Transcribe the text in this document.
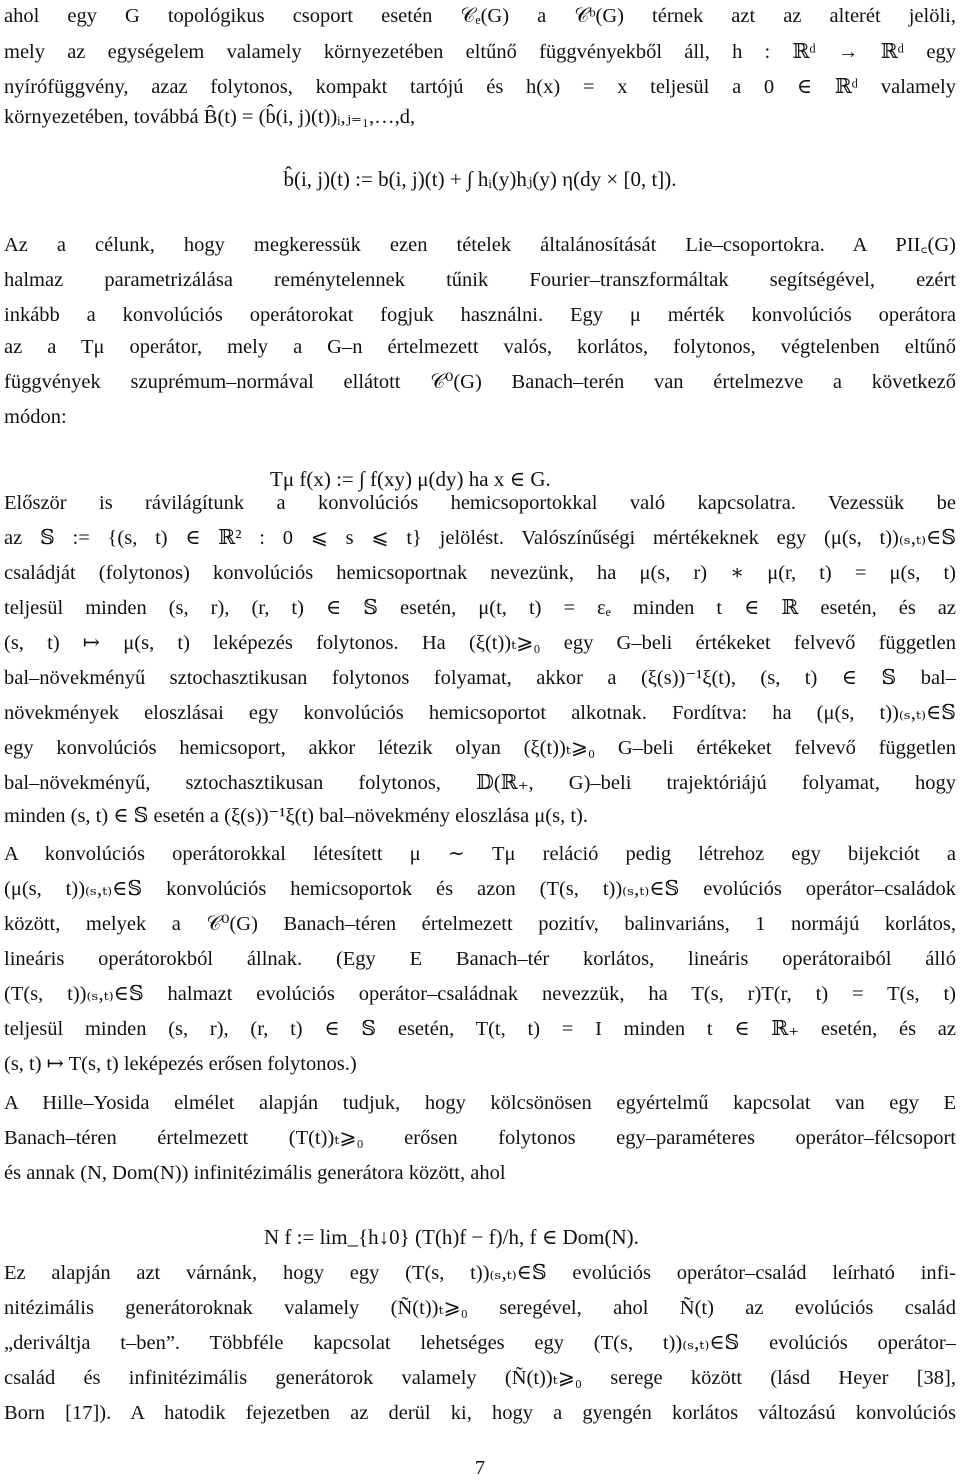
ahol egy G topológikus csoport esetén 𝒞ₑ(G) a 𝒞ᵇ(G) térnek azt az alterét jelöli,
mely az egységelem valamely környezetében eltűnő függvényekből áll, h : ℝᵈ → ℝᵈ egy
nyírófüggvény, azaz folytonos, kompakt tartójú és h(x) = x teljesül a 0 ∈ ℝᵈ valamely
környezetében, továbbá B̂(t) = (b̂(i, j)(t))ᵢ,ⱼ₌₁,…,d,
b̂(i, j)(t) := b(i, j)(t) + ∫ hᵢ(y)hⱼ(y) η(dy × [0, t]).
Az a célunk, hogy megkeressük ezen tételek általánosítását Lie–csoportokra. A PII꜀(G)
halmaz parametrizálása reménytelennek tűnik Fourier–transzformáltak segítségével, ezért
inkább a konvolúciós operátorokat fogjuk használni. Egy μ mérték konvolúciós operátora
az a Tμ operátor, mely a G–n értelmezett valós, korlátos, folytonos, végtelenben eltűnő
függvények szuprémum–normával ellátott 𝒞⁰(G) Banach–terén van értelmezve a következő
módon:
Tμ f(x) := ∫ f(xy) μ(dy) ha x ∈ G.
Először is rávilágítunk a konvolúciós hemicsoportokkal való kapcsolatra. Vezessük be
az 𝕊 := {(s, t) ∈ ℝ² : 0 ⩽ s ⩽ t} jelölést. Valószínűségi mértékeknek egy (μ(s, t))₍ₛ,ₜ₎∈𝕊
családját (folytonos) konvolúciós hemicsoportnak nevezünk, ha μ(s, r) ∗ μ(r, t) = μ(s, t)
teljesül minden (s, r), (r, t) ∈ 𝕊 esetén, μ(t, t) = εₑ minden t ∈ ℝ esetén, és az
(s, t) ↦ μ(s, t) leképezés folytonos. Ha (ξ(t))ₜ⩾₀ egy G–beli értékeket felvevő független
bal–növekményű sztochasztikusan folytonos folyamat, akkor a (ξ(s))⁻¹ξ(t), (s, t) ∈ 𝕊 bal–
növekmények eloszlásai egy konvolúciós hemicsoportot alkotnak. Fordítva: ha (μ(s, t))₍ₛ,ₜ₎∈𝕊
egy konvolúciós hemicsoport, akkor létezik olyan (ξ(t))ₜ⩾₀ G–beli értékeket felvevő független
bal–növekményű, sztochasztikusan folytonos, 𝔻(ℝ₊, G)–beli trajektóriájú folyamat, hogy
minden (s, t) ∈ 𝕊 esetén a (ξ(s))⁻¹ξ(t) bal–növekmény eloszlása μ(s, t).
A konvolúciós operátorokkal létesített μ ∼ Tμ reláció pedig létrehoz egy bijekciót a
(μ(s, t))₍ₛ,ₜ₎∈𝕊 konvolúciós hemicsoportok és azon (T(s, t))₍ₛ,ₜ₎∈𝕊 evolúciós operátor–családok
között, melyek a 𝒞⁰(G) Banach–téren értelmezett pozitív, balinvariáns, 1 normájú korlátos,
lineáris operátorokból állnak. (Egy E Banach–tér korlátos, lineáris operátoraiból álló
(T(s, t))₍ₛ,ₜ₎∈𝕊 halmazt evolúciós operátor–családnak nevezzük, ha T(s, r)T(r, t) = T(s, t)
teljesül minden (s, r), (r, t) ∈ 𝕊 esetén, T(t, t) = I minden t ∈ ℝ₊ esetén, és az
(s, t) ↦ T(s, t) leképezés erősen folytonos.)
A Hille–Yosida elmélet alapján tudjuk, hogy kölcsönösen egyértelmű kapcsolat van egy E
Banach–téren értelmezett (T(t))ₜ⩾₀ erősen folytonos egy–paraméteres operátor–félcsoport
és annak (N, Dom(N)) infinitézimális generátora között, ahol
N f := lim_{h↓0} (T(h)f − f)/h, f ∈ Dom(N).
Ez alapján azt várnánk, hogy egy (T(s, t))₍ₛ,ₜ₎∈𝕊 evolúciós operátor–család leírható infi-
nitézimális generátoroknak valamely (Ñ(t))ₜ⩾₀ seregével, ahol Ñ(t) az evolúciós család
„deriváltja t–ben”. Többféle kapcsolat lehetséges egy (T(s, t))₍ₛ,ₜ₎∈𝕊 evolúciós operátor–
család és infinitézimális generátorok valamely (Ñ(t))ₜ⩾₀ serege között (lásd Heyer [38],
Born [17]). A hatodik fejezetben az derül ki, hogy a gyengén korlátos változású konvolúciós
7
